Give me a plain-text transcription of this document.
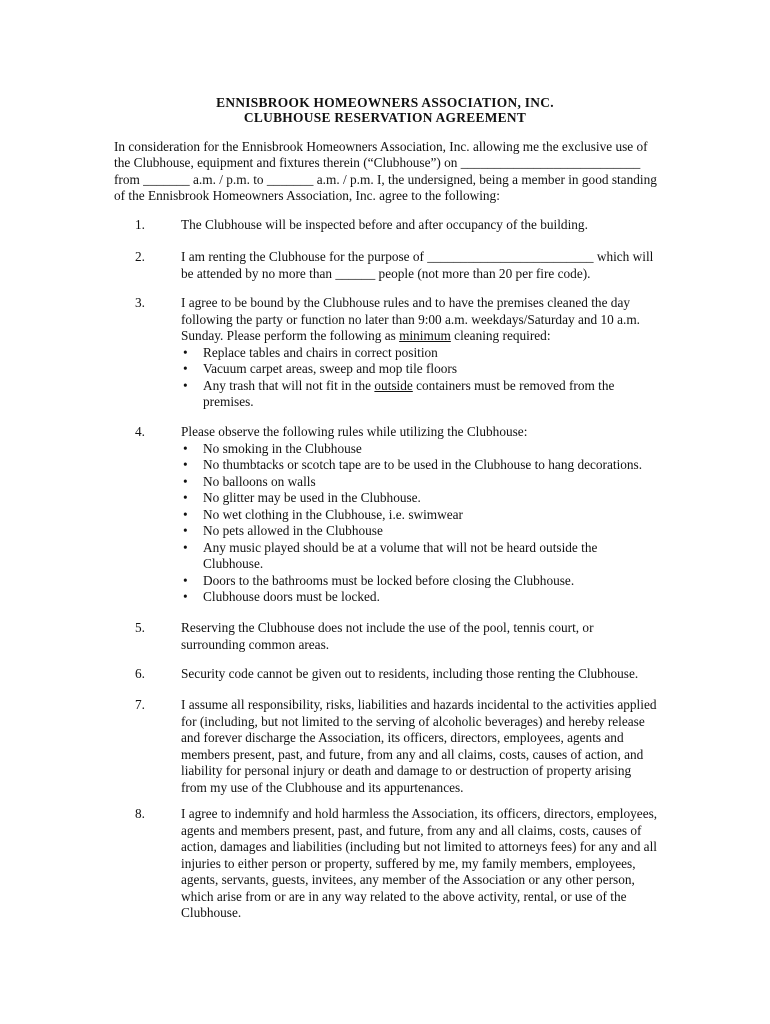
ENNISBROOK HOMEOWNERS ASSOCIATION, INC.
CLUBHOUSE RESERVATION AGREEMENT
In consideration for the Ennisbrook Homeowners Association, Inc. allowing me the exclusive use of
the Clubhouse, equipment and fixtures therein (“Clubhouse”) on ___________________________
from _______ a.m. / p.m. to _______ a.m. / p.m. I, the undersigned, being a member in good standing
of the Ennisbrook Homeowners Association, Inc. agree to the following:
1.	The Clubhouse will be inspected before and after occupancy of the building.
2.	I am renting the Clubhouse for the purpose of _________________________ which will
be attended by no more than ______ people (not more than 20 per fire code).
3.	I agree to be bound by the Clubhouse rules and to have the premises cleaned the day
following the party or function no later than 9:00 a.m. weekdays/Saturday and 10 a.m.
Sunday. Please perform the following as minimum cleaning required:
• Replace tables and chairs in correct position
• Vacuum carpet areas, sweep and mop tile floors
• Any trash that will not fit in the outside containers must be removed from the
premises.
4.	Please observe the following rules while utilizing the Clubhouse:
• No smoking in the Clubhouse
• No thumbtacks or scotch tape are to be used in the Clubhouse to hang decorations.
• No balloons on walls
• No glitter may be used in the Clubhouse.
• No wet clothing in the Clubhouse, i.e. swimwear
• No pets allowed in the Clubhouse
• Any music played should be at a volume that will not be heard outside the
Clubhouse.
• Doors to the bathrooms must be locked before closing the Clubhouse.
• Clubhouse doors must be locked.
5.	Reserving the Clubhouse does not include the use of the pool, tennis court, or
surrounding common areas.
6.	Security code cannot be given out to residents, including those renting the Clubhouse.
7.	I assume all responsibility, risks, liabilities and hazards incidental to the activities applied
for (including, but not limited to the serving of alcoholic beverages) and hereby release
and forever discharge the Association, its officers, directors, employees, agents and
members present, past, and future, from any and all claims, costs, causes of action, and
liability for personal injury or death and damage to or destruction of property arising
from my use of the Clubhouse and its appurtenances.
8.	I agree to indemnify and hold harmless the Association, its officers, directors, employees,
agents and members present, past, and future, from any and all claims, costs, causes of
action, damages and liabilities (including but not limited to attorneys fees) for any and all
injuries to either person or property, suffered by me, my family members, employees,
agents, servants, guests, invitees, any member of the Association or any other person,
which arise from or are in any way related to the above activity, rental, or use of the
Clubhouse.
